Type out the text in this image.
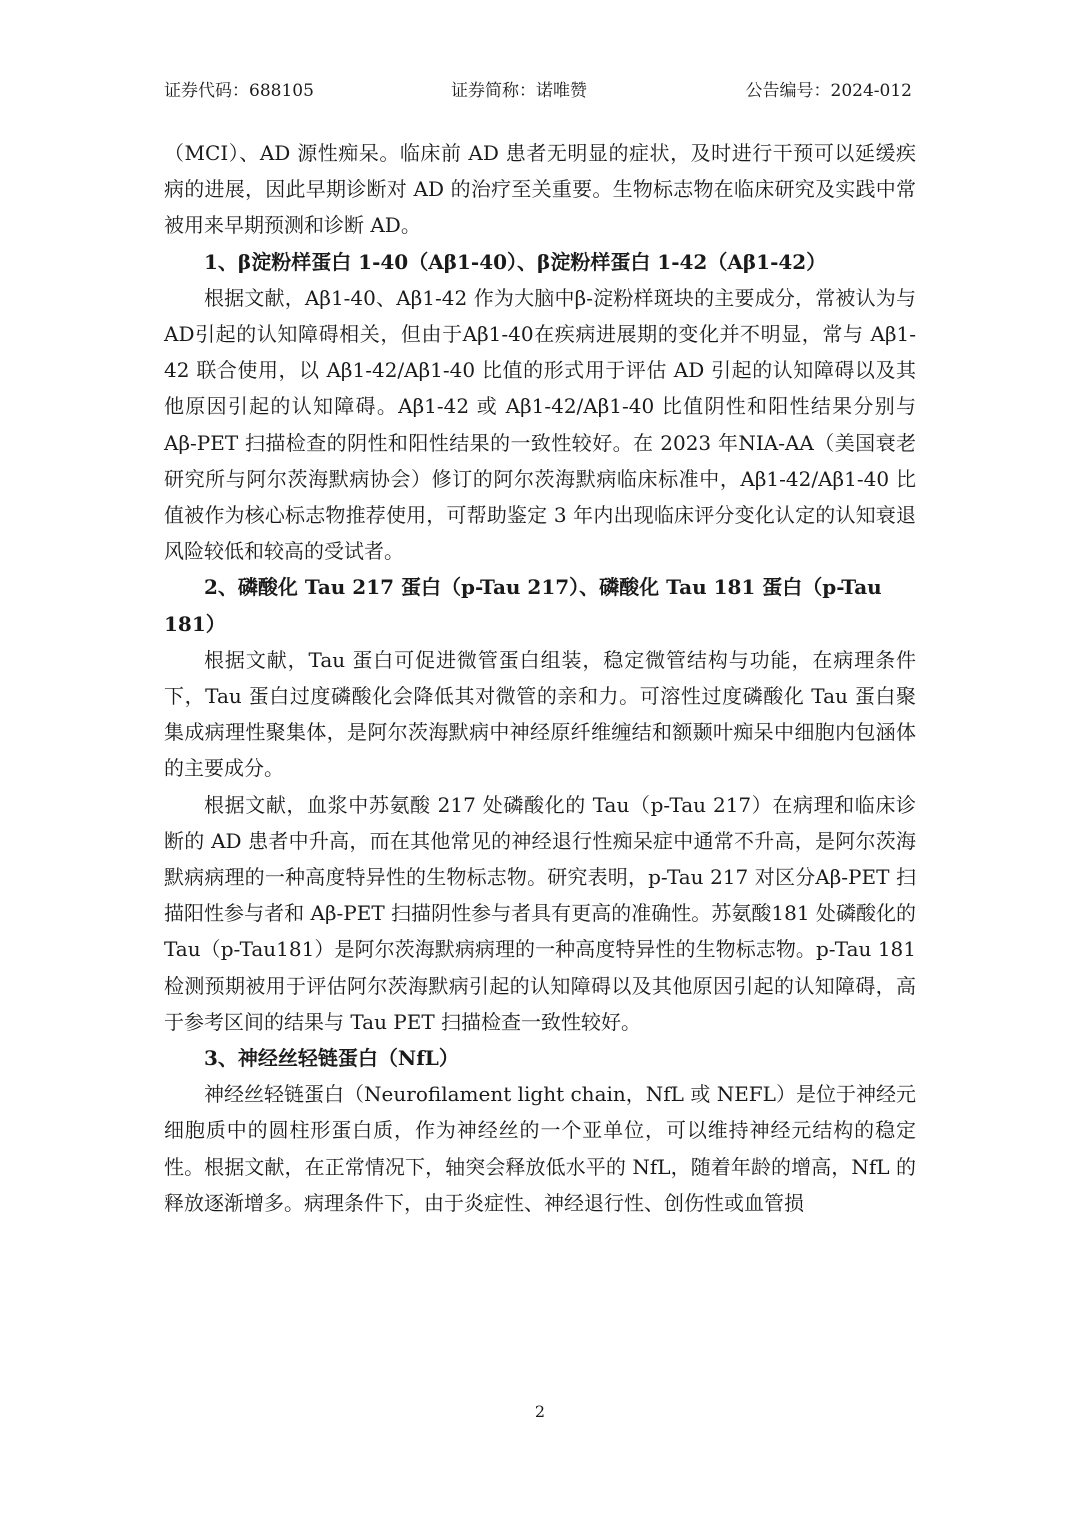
证券代码：688105	证券简称：诺唯赞	公告编号：2024-012

（MCI）、AD 源性痴呆。临床前 AD 患者无明显的症状，及时进行干预可以延缓疾病的进展，因此早期诊断对 AD 的治疗至关重要。生物标志物在临床研究及实践中常被用来早期预测和诊断 AD。

1、β淀粉样蛋白 1-40（Aβ1-40）、β淀粉样蛋白 1-42（Aβ1-42）

根据文献，Aβ1-40、Aβ1-42 作为大脑中β-淀粉样斑块的主要成分，常被认为与AD引起的认知障碍相关，但由于Aβ1-40在疾病进展期的变化并不明显，常与 Aβ1-42 联合使用，以 Aβ1-42/Aβ1-40 比值的形式用于评估 AD 引起的认知障碍以及其他原因引起的认知障碍。Aβ1-42 或 Aβ1-42/Aβ1-40 比值阴性和阳性结果分别与 Aβ-PET 扫描检查的阴性和阳性结果的一致性较好。在 2023 年NIA-AA（美国衰老研究所与阿尔茨海默病协会）修订的阿尔茨海默病临床标准中，Aβ1-42/Aβ1-40 比值被作为核心标志物推荐使用，可帮助鉴定 3 年内出现临床评分变化认定的认知衰退风险较低和较高的受试者。

2、磷酸化 Tau 217 蛋白（p-Tau 217）、磷酸化 Tau 181 蛋白（p-Tau 181）

根据文献，Tau 蛋白可促进微管蛋白组装，稳定微管结构与功能，在病理条件下，Tau 蛋白过度磷酸化会降低其对微管的亲和力。可溶性过度磷酸化 Tau 蛋白聚集成病理性聚集体，是阿尔茨海默病中神经原纤维缠结和额颞叶痴呆中细胞内包涵体的主要成分。

根据文献，血浆中苏氨酸 217 处磷酸化的 Tau（p-Tau 217）在病理和临床诊断的 AD 患者中升高，而在其他常见的神经退行性痴呆症中通常不升高，是阿尔茨海默病病理的一种高度特异性的生物标志物。研究表明，p-Tau 217 对区分Aβ-PET 扫描阳性参与者和 Aβ-PET 扫描阴性参与者具有更高的准确性。苏氨酸181 处磷酸化的 Tau（p-Tau181）是阿尔茨海默病病理的一种高度特异性的生物标志物。p-Tau 181 检测预期被用于评估阿尔茨海默病引起的认知障碍以及其他原因引起的认知障碍，高于参考区间的结果与 Tau PET 扫描检查一致性较好。

3、神经丝轻链蛋白（NfL）

神经丝轻链蛋白（Neurofilament light chain，NfL 或 NEFL）是位于神经元细胞质中的圆柱形蛋白质，作为神经丝的一个亚单位，可以维持神经元结构的稳定性。根据文献，在正常情况下，轴突会释放低水平的 NfL，随着年龄的增高，NfL 的释放逐渐增多。病理条件下，由于炎症性、神经退行性、创伤性或血管损

2
